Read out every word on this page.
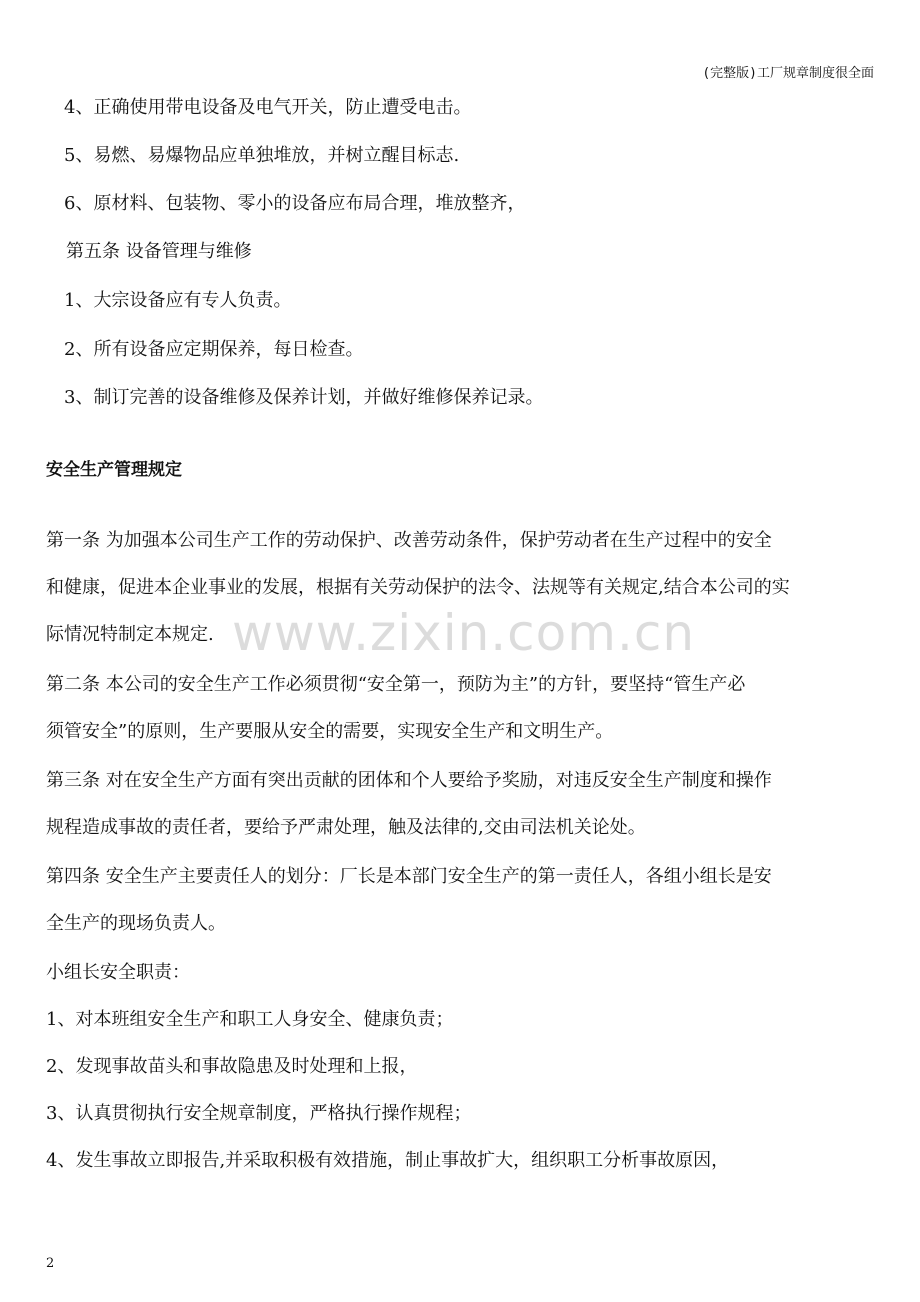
(完整版)工厂规章制度很全面
www.zixin.com.cn
4、正确使用带电设备及电气开关，防止遭受电击。
5、易燃、易爆物品应单独堆放，并树立醒目标志.
6、原材料、包装物、零小的设备应布局合理，堆放整齐，
第五条 设备管理与维修
1、大宗设备应有专人负责。
2、所有设备应定期保养，每日检查。
3、制订完善的设备维修及保养计划，并做好维修保养记录。
安全生产管理规定
第一条 为加强本公司生产工作的劳动保护、改善劳动条件，保护劳动者在生产过程中的安全
和健康，促进本企业事业的发展，根据有关劳动保护的法令、法规等有关规定,结合本公司的实
际情况特制定本规定.
第二条 本公司的安全生产工作必须贯彻“安全第一，预防为主”的方针，要坚持“管生产必
须管安全”的原则，生产要服从安全的需要，实现安全生产和文明生产。
第三条 对在安全生产方面有突出贡献的团体和个人要给予奖励，对违反安全生产制度和操作
规程造成事故的责任者，要给予严肃处理，触及法律的,交由司法机关论处。
第四条 安全生产主要责任人的划分：厂长是本部门安全生产的第一责任人，各组小组长是安
全生产的现场负责人。
小组长安全职责：
1、对本班组安全生产和职工人身安全、健康负责；
2、发现事故苗头和事故隐患及时处理和上报，
3、认真贯彻执行安全规章制度，严格执行操作规程；
4、发生事故立即报告,并采取积极有效措施，制止事故扩大，组织职工分析事故原因，
2
